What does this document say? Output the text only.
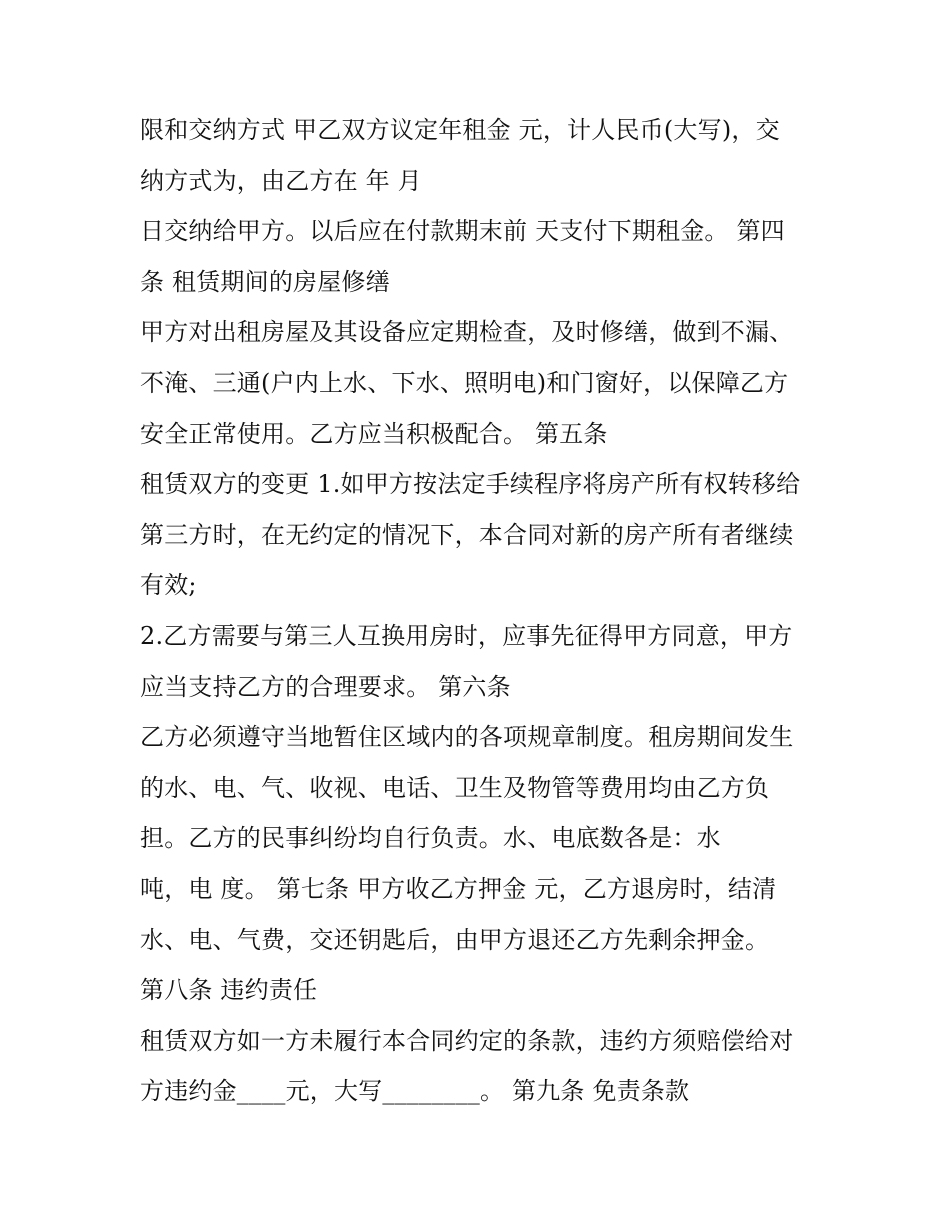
限和交纳方式 甲乙双方议定年租金 元，计人民币(大写)，交
纳方式为，由乙方在 年 月
日交纳给甲方。以后应在付款期末前 天支付下期租金。 第四
条 租赁期间的房屋修缮
甲方对出租房屋及其设备应定期检查，及时修缮，做到不漏、
不淹、三通(户内上水、下水、照明电)和门窗好，以保障乙方
安全正常使用。乙方应当积极配合。 第五条
租赁双方的变更 1.如甲方按法定手续程序将房产所有权转移给
第三方时，在无约定的情况下，本合同对新的房产所有者继续
有效;
2.乙方需要与第三人互换用房时，应事先征得甲方同意，甲方
应当支持乙方的合理要求。 第六条
乙方必须遵守当地暂住区域内的各项规章制度。租房期间发生
的水、电、气、收视、电话、卫生及物管等费用均由乙方负
担。乙方的民事纠纷均自行负责。水、电底数各是：水
吨，电 度。 第七条 甲方收乙方押金 元，乙方退房时，结清
水、电、气费，交还钥匙后，由甲方退还乙方先剩余押金。
第八条 违约责任
租赁双方如一方未履行本合同约定的条款，违约方须赔偿给对
方违约金____元，大写________。 第九条 免责条款
